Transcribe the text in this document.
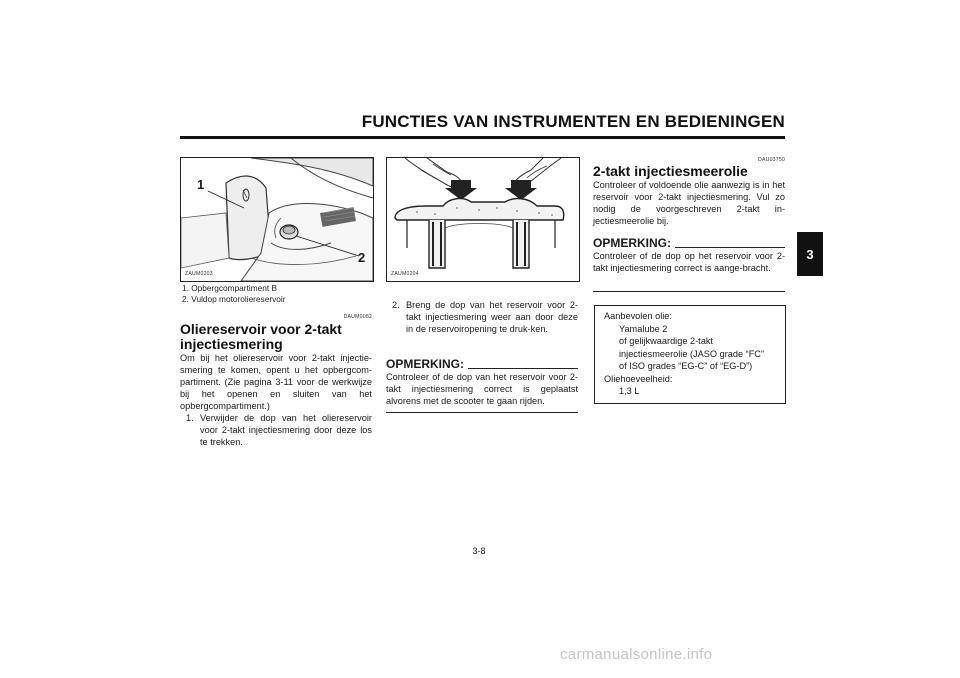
FUNCTIES VAN INSTRUMENTEN EN BEDIENINGEN
3
1
2
ZAUM0203
1. Opbergcompartiment B
2. Vuldop motoroliereservoir
DAUM0082
Oliereservoir voor 2-takt
injectiesmering
Om bij het oliereservoir voor 2-takt injectie-smering te komen, opent u het opbergcom-partiment. (Zie pagina 3-11 voor de werkwijze bij het openen en sluiten van het opbergcompartiment.)
1. Verwijder de dop van het oliereservoir voor 2-takt injectiesmering door deze los te trekken.
ZAUM0204
2. Breng de dop van het reservoir voor 2-takt injectiesmering weer aan door deze in de reservoiropening te druk-ken.
OPMERKING:
Controleer of de dop van het reservoir voor 2-takt injectiesmering correct is geplaatst alvorens met de scooter te gaan rijden.
DAU03750
2-takt injectiesmeerolie
Controleer of voldoende olie aanwezig is in het reservoir voor 2-takt injectiesmering. Vul zo nodig de voorgeschreven 2-takt in-jectiesmeerolie bij.
OPMERKING:
Controleer of de dop op het reservoir voor 2-takt injectiesmering correct is aange-bracht.
Aanbevolen olie:
Yamalube 2
of gelijkwaardige 2-takt
injectiesmeerolie (JASO grade “FC”
of ISO grades “EG-C” of “EG-D”)
Oliehoeveelheid:
1,3 L
3-8
carmanualsonline.info
